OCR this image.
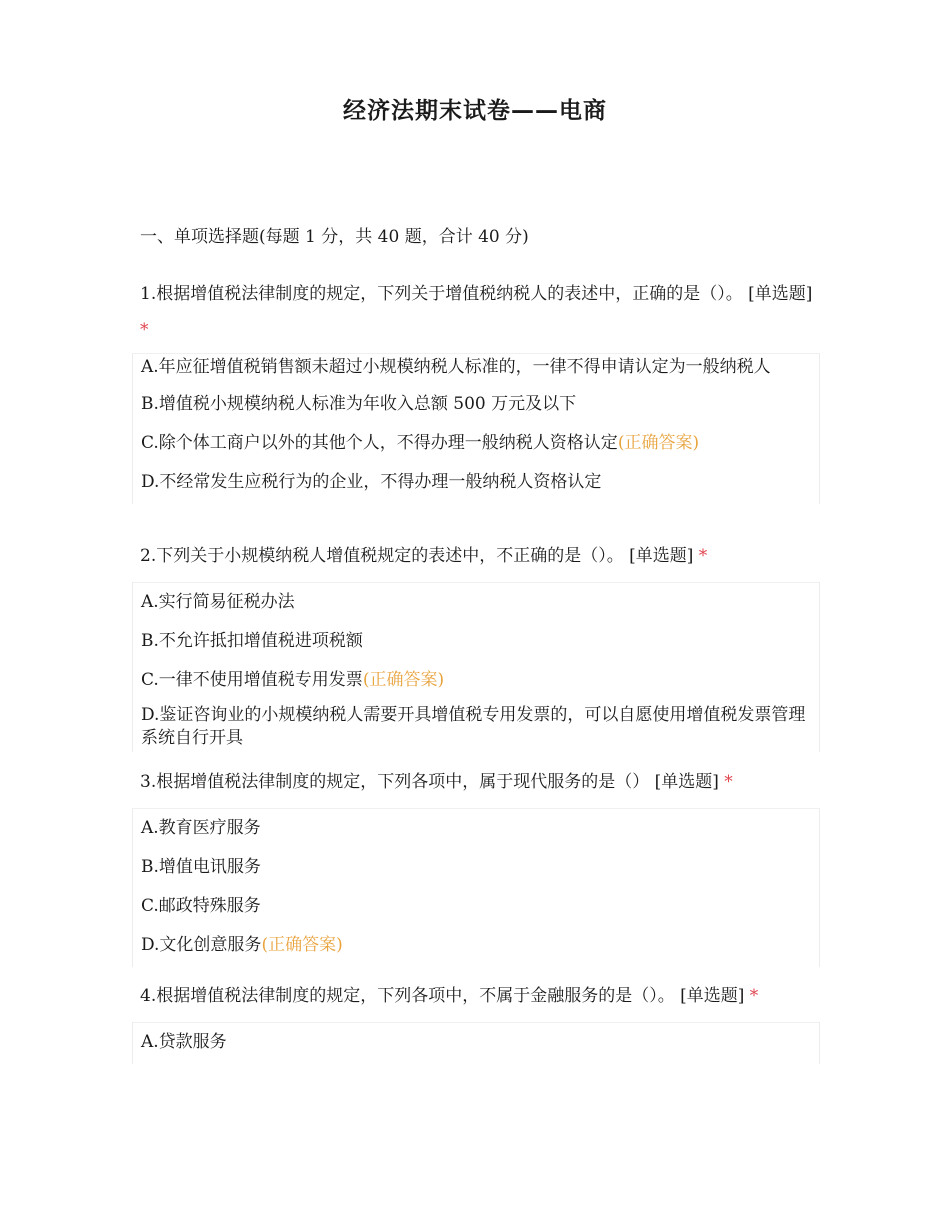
经济法期末试卷——电商

一、单项选择题(每题 1 分，共 40 题，合计 40 分)

1.根据增值税法律制度的规定，下列关于增值税纳税人的表述中，正确的是（）。 [单选题] *

A.年应征增值税销售额未超过小规模纳税人标准的，一律不得申请认定为一般纳税人
B.增值税小规模纳税人标准为年收入总额 500 万元及以下
C.除个体工商户以外的其他个人，不得办理一般纳税人资格认定(正确答案)
D.不经常发生应税行为的企业，不得办理一般纳税人资格认定

2.下列关于小规模纳税人增值税规定的表述中，不正确的是（）。 [单选题] *

A.实行简易征税办法
B.不允许抵扣增值税进项税额
C.一律不使用增值税专用发票(正确答案)
D.鉴证咨询业的小规模纳税人需要开具增值税专用发票的，可以自愿使用增值税发票管理系统自行开具

3.根据增值税法律制度的规定，下列各项中，属于现代服务的是（） [单选题] *

A.教育医疗服务
B.增值电讯服务
C.邮政特殊服务
D.文化创意服务(正确答案)

4.根据增值税法律制度的规定，下列各项中，不属于金融服务的是（）。 [单选题] *

A.贷款服务
